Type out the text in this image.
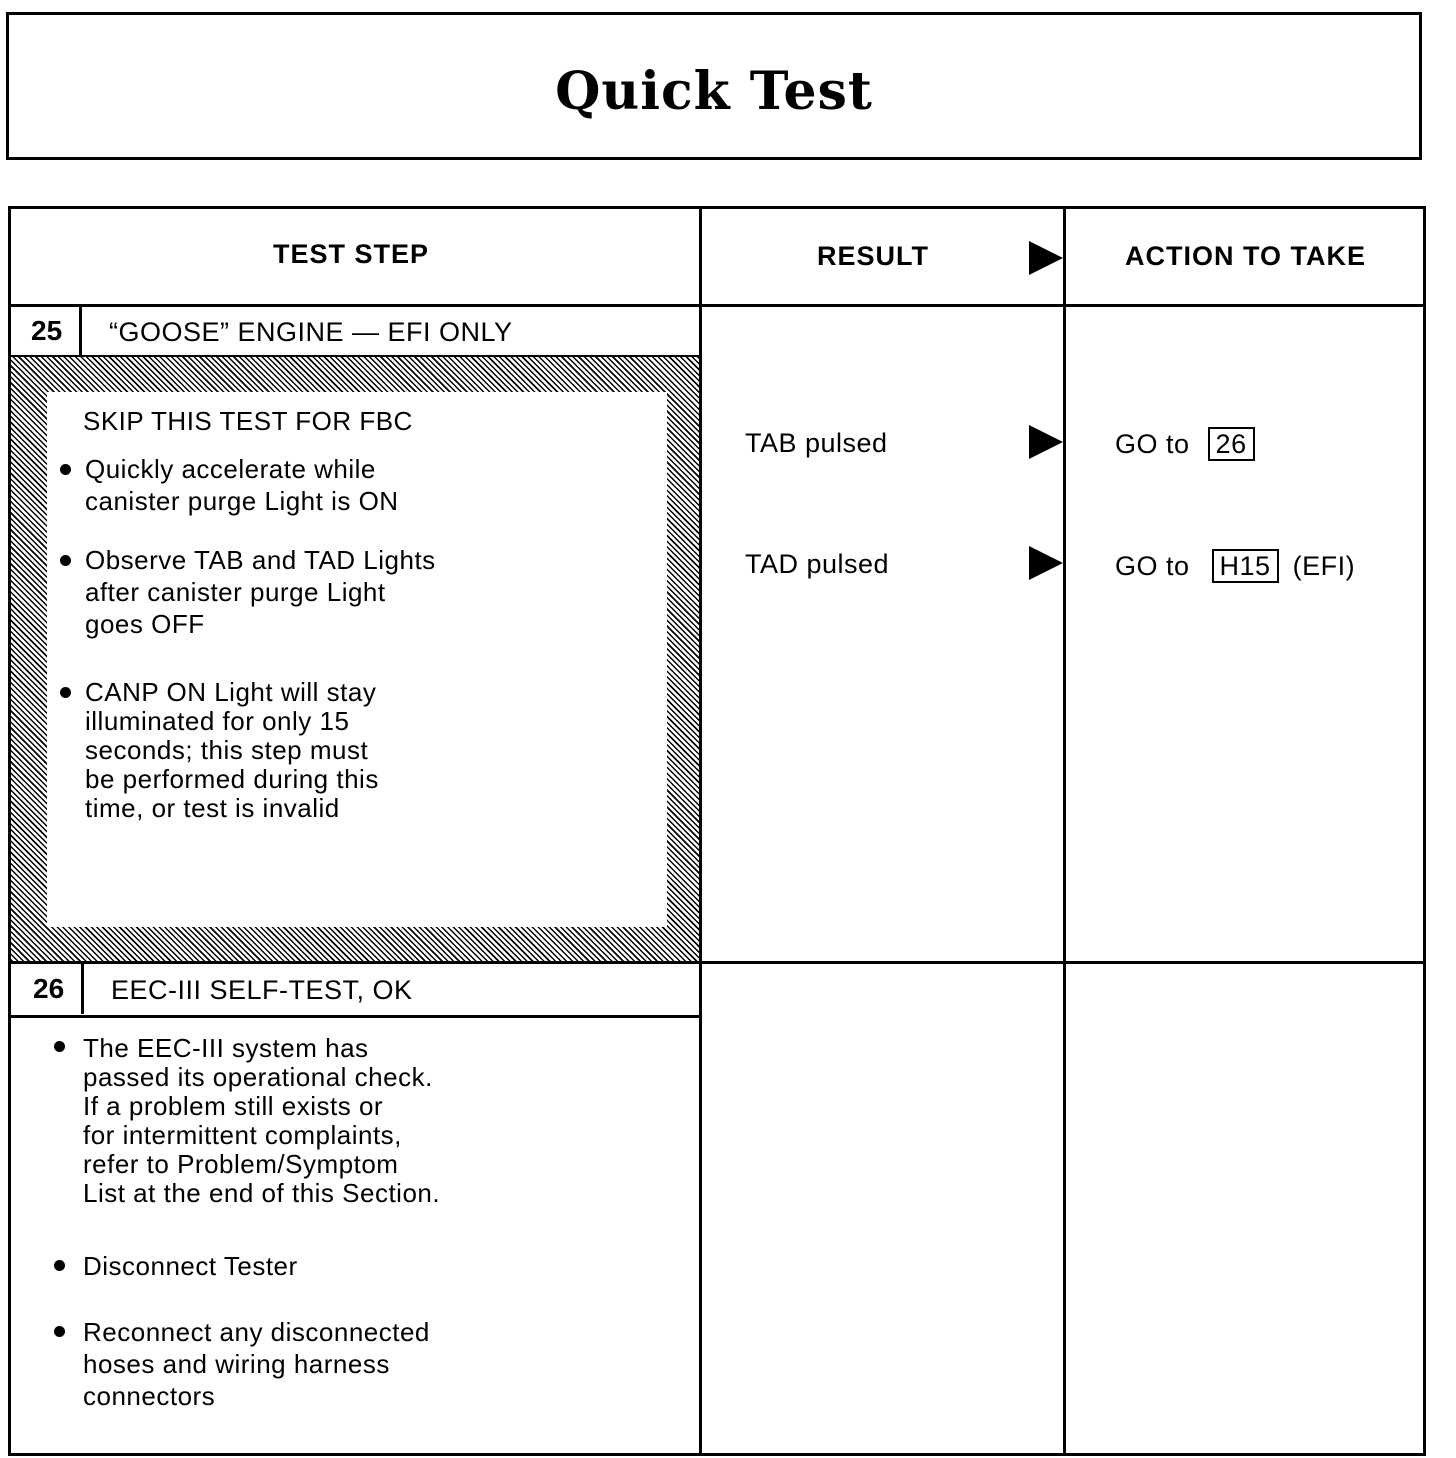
Quick Test
TEST STEP	RESULT	ACTION TO TAKE
25 “GOOSE” ENGINE — EFI ONLY
SKIP THIS TEST FOR FBC
Quickly accelerate while
canister purge Light is ON
Observe TAB and TAD Lights
after canister purge Light
goes OFF
CANP ON Light will stay
illuminated for only 15
seconds; this step must
be performed during this
time, or test is invalid
TAB pulsed	GO to 26
TAD pulsed	GO to H15 (EFI)
26 EEC-III SELF-TEST, OK
The EEC-III system has
passed its operational check.
If a problem still exists or
for intermittent complaints,
refer to Problem/Symptom
List at the end of this Section.
Disconnect Tester
Reconnect any disconnected
hoses and wiring harness
connectors
